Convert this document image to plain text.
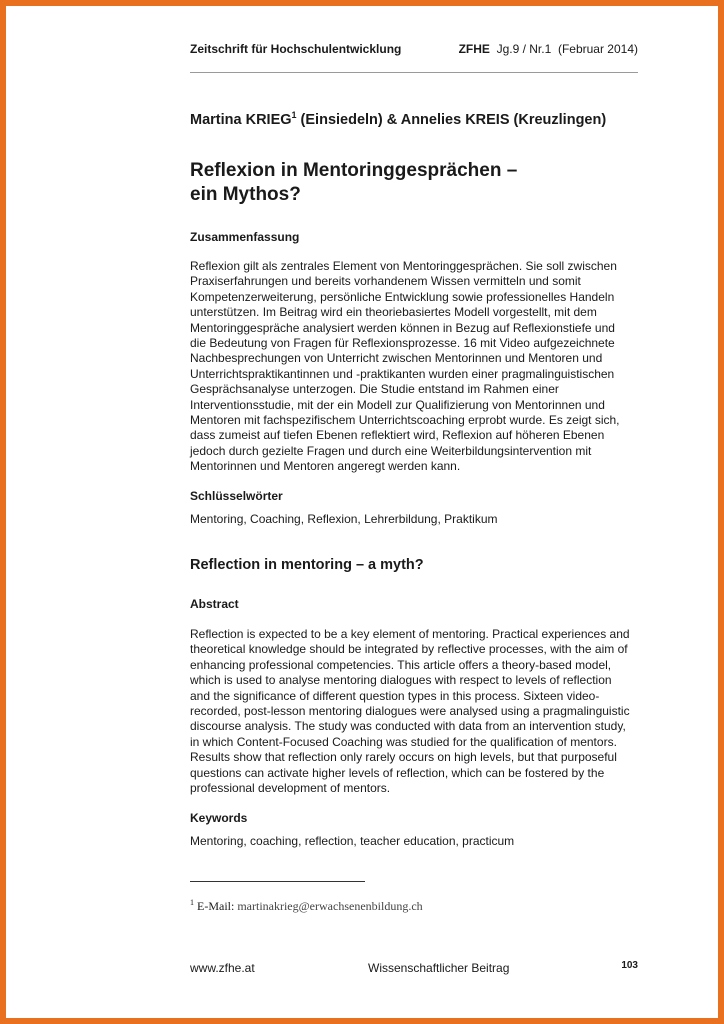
Zeitschrift für Hochschulentwicklung	ZFHE Jg.9 / Nr.1 (Februar 2014)
Martina KRIEG$^1$ (Einsiedeln) & Annelies KREIS (Kreuzlingen)
Reflexion in Mentoringgesprächen –
ein Mythos?
Zusammenfassung

Reflexion gilt als zentrales Element von Mentoringgesprächen. Sie soll zwischen
Praxiserfahrungen und bereits vorhandenem Wissen vermitteln und somit
Kompetenzerweiterung, persönliche Entwicklung sowie professionelles Handeln
unterstützen. Im Beitrag wird ein theoriebasiertes Modell vorgestellt, mit dem
Mentoringgespräche analysiert werden können in Bezug auf Reflexionstiefe und
die Bedeutung von Fragen für Reflexionsprozesse. 16 mit Video aufgezeichnete
Nachbesprechungen von Unterricht zwischen Mentorinnen und Mentoren und
Unterrichtspraktikantinnen und -praktikanten wurden einer pragmalinguistischen
Gesprächsanalyse unterzogen. Die Studie entstand im Rahmen einer
Interventionsstudie, mit der ein Modell zur Qualifizierung von Mentorinnen und
Mentoren mit fachspezifischem Unterrichtscoaching erprobt wurde. Es zeigt sich,
dass zumeist auf tiefen Ebenen reflektiert wird, Reflexion auf höheren Ebenen
jedoch durch gezielte Fragen und durch eine Weiterbildungsintervention mit
Mentorinnen und Mentoren angeregt werden kann.

Schlüsselwörter

Mentoring, Coaching, Reflexion, Lehrerbildung, Praktikum

Reflection in mentoring – a myth?
Abstract

Reflection is expected to be a key element of mentoring. Practical experiences and
theoretical knowledge should be integrated by reflective processes, with the aim of
enhancing professional competencies. This article offers a theory-based model,
which is used to analyse mentoring dialogues with respect to levels of reflection
and the significance of different question types in this process. Sixteen video-
recorded, post-lesson mentoring dialogues were analysed using a pragmalinguistic
discourse analysis. The study was conducted with data from an intervention study,
in which Content-Focused Coaching was studied for the qualification of mentors.
Results show that reflection only rarely occurs on high levels, but that purposeful
questions can activate higher levels of reflection, which can be fostered by the
professional development of mentors.

Keywords

Mentoring, coaching, reflection, teacher education, practicum

$^1$ E-Mail: martinakrieg@erwachsenenbildung.ch
www.zfhe.at	Wissenschaftlicher Beitrag	103
